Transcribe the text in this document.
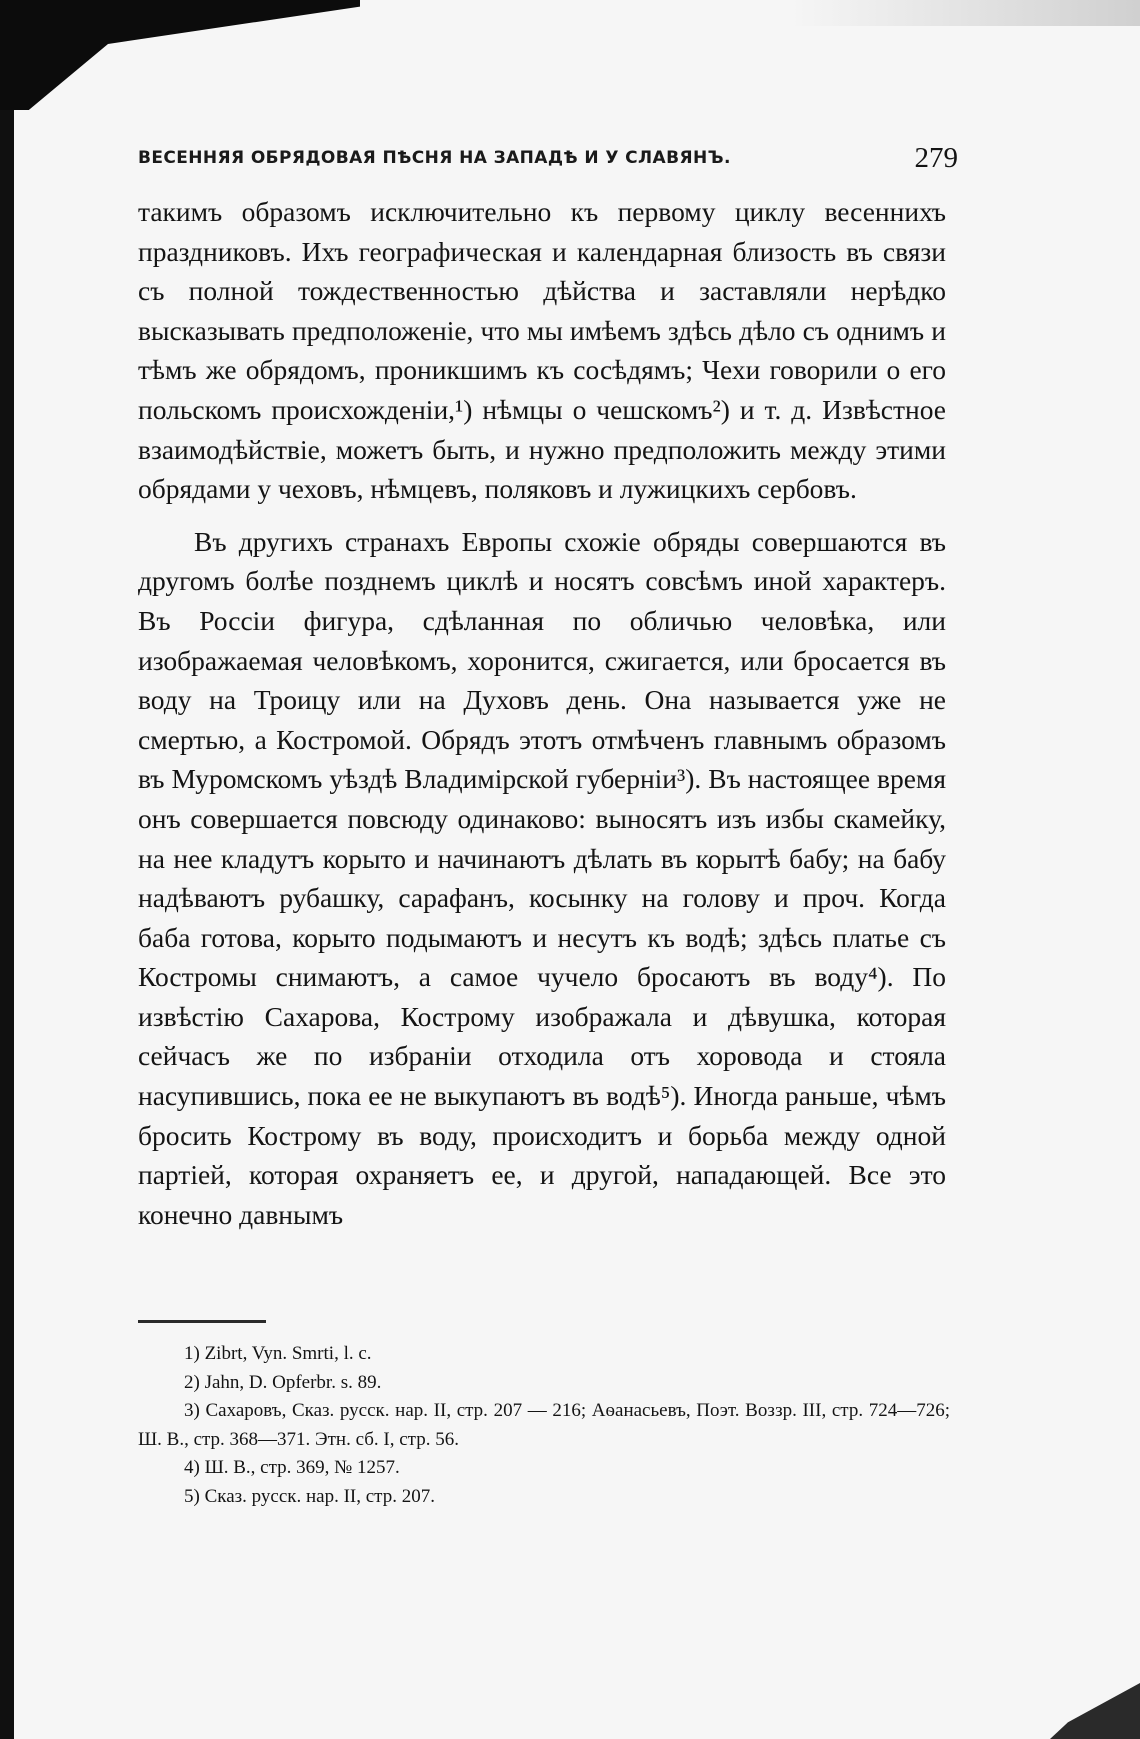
ВЕСЕННЯЯ ОБРЯДОВАЯ ПѢСНЯ НА ЗАПАДѢ И У СЛАВЯНЪ.	279

такимъ образомъ исключительно къ первому циклу весеннихъ праздниковъ. Ихъ географическая и календарная близость въ связи съ полной тождественностью дѣйства и заставляли нерѣдко высказывать предположеніе, что мы имѣемъ здѣсь дѣло съ однимъ и тѣмъ же обрядомъ, проникшимъ къ сосѣдямъ; Чехи говорили о его польскомъ происхожденіи,¹) нѣмцы о чешскомъ²) и т. д. Извѣстное взаимодѣйствіе, можетъ быть, и нужно предположить между этими обрядами у чеховъ, нѣмцевъ, поляковъ и лужицкихъ сербовъ.

Въ другихъ странахъ Европы схожіе обряды совершаются въ другомъ болѣе позднемъ циклѣ и носятъ совсѣмъ иной характеръ. Въ Россіи фигура, сдѣланная по обличью человѣка, или изображаемая человѣкомъ, хоронится, сжигается, или бросается въ воду на Троицу или на Духовъ день. Она называется уже не смертью, а Костромой. Обрядъ этотъ отмѣченъ главнымъ образомъ въ Муромскомъ уѣздѣ Владимірской губерніи³). Въ настоящее время онъ совершается повсюду одинаково: выносятъ изъ избы скамейку, на нее кладутъ корыто и начинаютъ дѣлать въ корытѣ бабу; на бабу надѣваютъ рубашку, сарафанъ, косынку на голову и проч. Когда баба готова, корыто подымаютъ и несутъ къ водѣ; здѣсь платье съ Костромы снимаютъ, а самое чучело бросаютъ въ воду⁴). По извѣстію Сахарова, Кострому изображала и дѣвушка, которая сейчасъ же по избраніи отходила отъ хоровода и стояла насупившись, пока ее не выкупаютъ въ водѣ⁵). Иногда раньше, чѣмъ бросить Кострому въ воду, происходитъ и борьба между одной партіей, которая охраняетъ ее, и другой, нападающей. Все это конечно давнымъ

1) Zibrt, Vyn. Smrti, l. c.

2) Jahn, D. Opferbr. s. 89.

3) Сахаровъ, Сказ. русск. нар. II, стр. 207 — 216; Аѳанасьевъ, Поэт. Воззр. III, стр. 724—726; Ш. В., стр. 368—371. Этн. сб. I, стр. 56.

4) Ш. В., стр. 369, № 1257.

5) Сказ. русск. нар. II, стр. 207.
